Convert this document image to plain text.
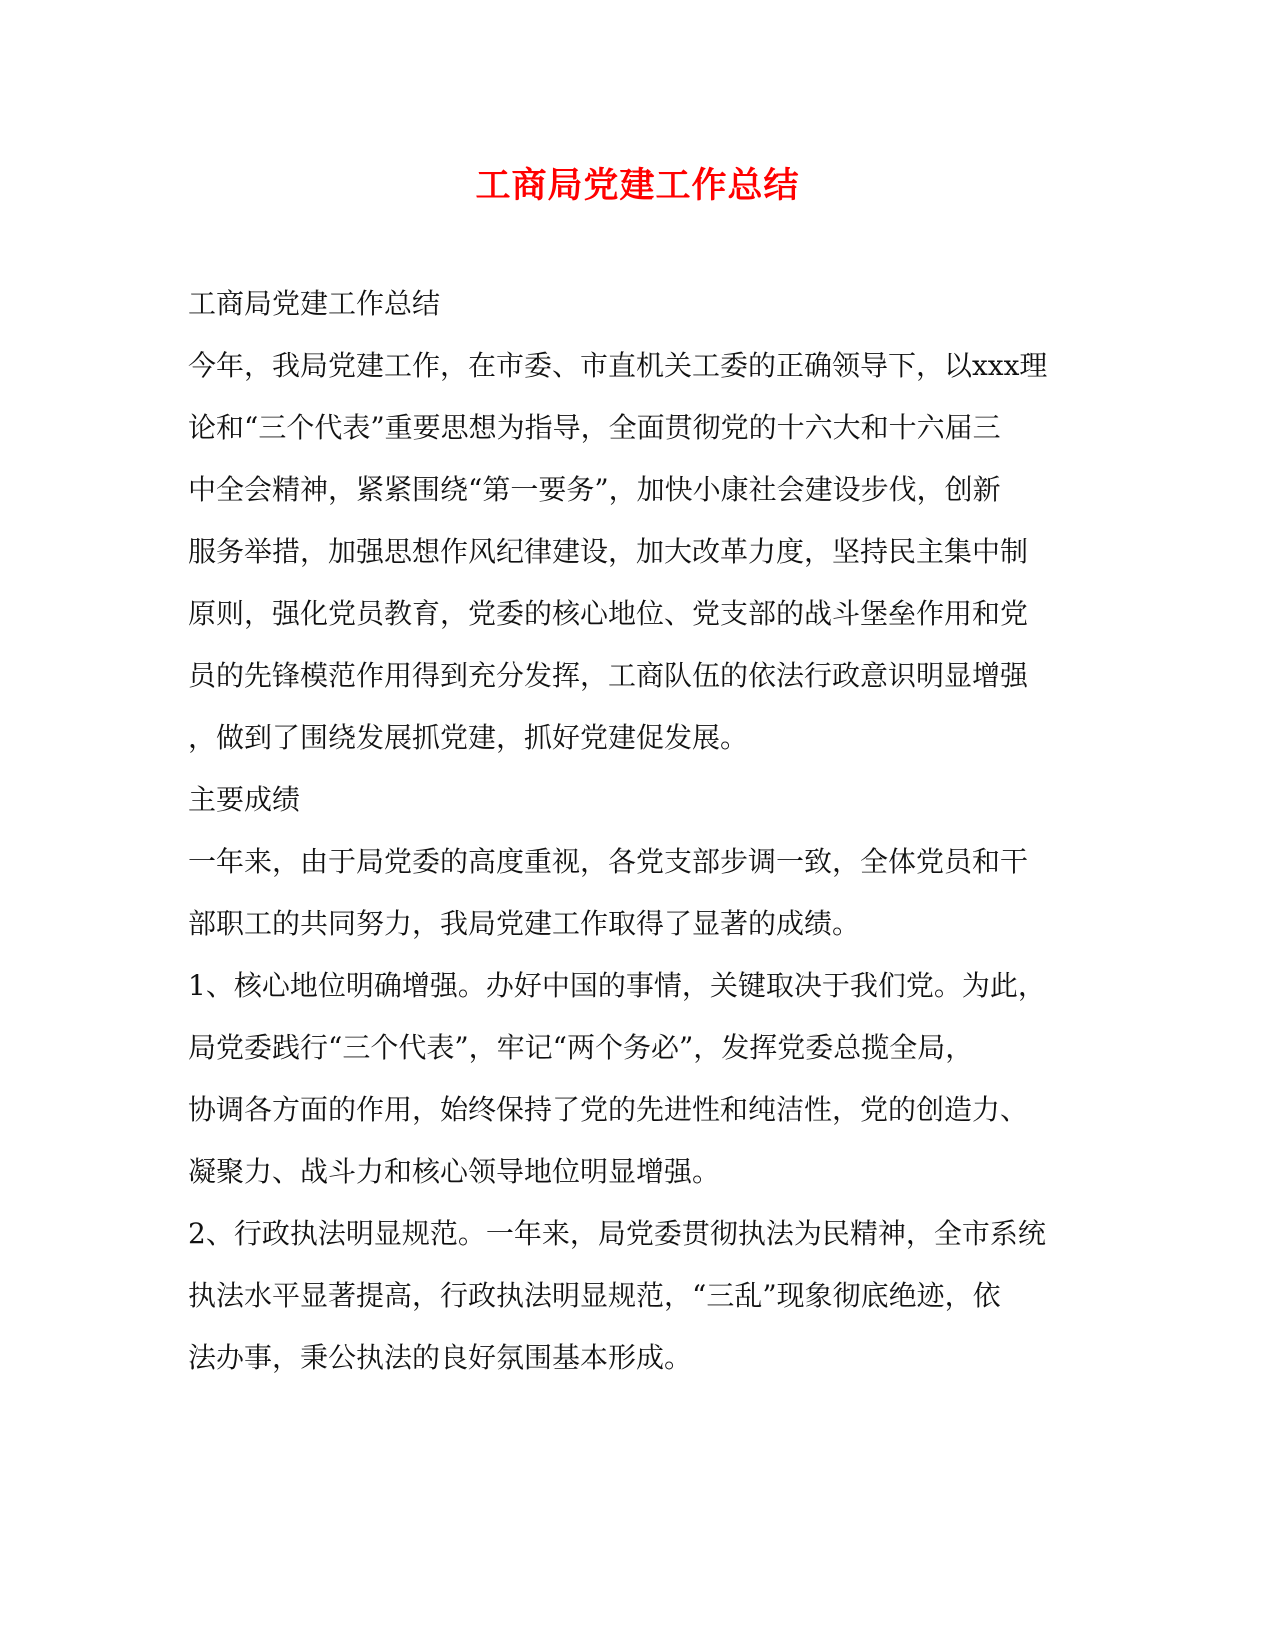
工商局党建工作总结
工商局党建工作总结
今年，我局党建工作，在市委、市直机关工委的正确领导下，以xxx理
论和“三个代表”重要思想为指导，全面贯彻党的十六大和十六届三
中全会精神，紧紧围绕“第一要务”，加快小康社会建设步伐，创新
服务举措，加强思想作风纪律建设，加大改革力度，坚持民主集中制
原则，强化党员教育，党委的核心地位、党支部的战斗堡垒作用和党
员的先锋模范作用得到充分发挥，工商队伍的依法行政意识明显增强
，做到了围绕发展抓党建，抓好党建促发展。
主要成绩
一年来，由于局党委的高度重视，各党支部步调一致，全体党员和干
部职工的共同努力，我局党建工作取得了显著的成绩。
1、核心地位明确增强。办好中国的事情，关键取决于我们党。为此，
局党委践行“三个代表”，牢记“两个务必”，发挥党委总揽全局，
协调各方面的作用，始终保持了党的先进性和纯洁性，党的创造力、
凝聚力、战斗力和核心领导地位明显增强。
2、行政执法明显规范。一年来，局党委贯彻执法为民精神，全市系统
执法水平显著提高，行政执法明显规范，“三乱”现象彻底绝迹，依
法办事，秉公执法的良好氛围基本形成。
